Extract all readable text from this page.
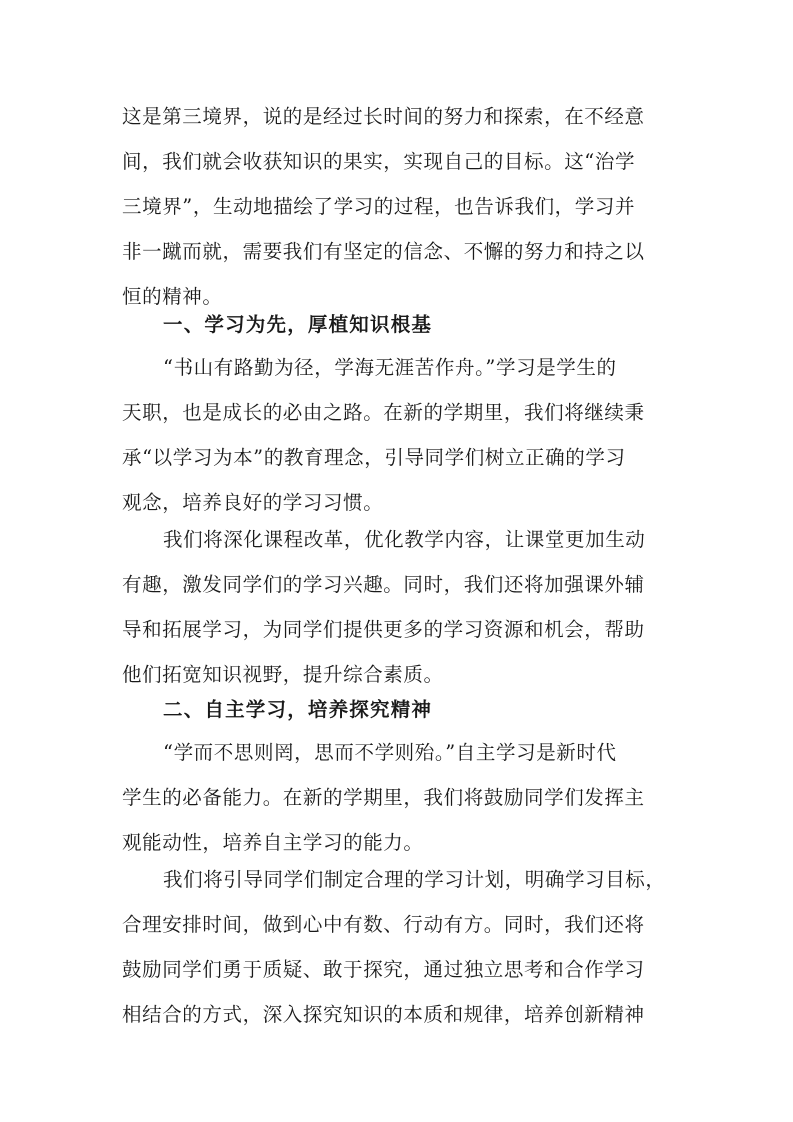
这是第三境界，说的是经过长时间的努力和探索，在不经意
间，我们就会收获知识的果实，实现自己的目标。这“治学
三境界”，生动地描绘了学习的过程，也告诉我们，学习并
非一蹴而就，需要我们有坚定的信念、不懈的努力和持之以
恒的精神。
一、学习为先，厚植知识根基
“书山有路勤为径，学海无涯苦作舟。”学习是学生的
天职，也是成长的必由之路。在新的学期里，我们将继续秉
承“以学习为本”的教育理念，引导同学们树立正确的学习
观念，培养良好的学习习惯。
我们将深化课程改革，优化教学内容，让课堂更加生动
有趣，激发同学们的学习兴趣。同时，我们还将加强课外辅
导和拓展学习，为同学们提供更多的学习资源和机会，帮助
他们拓宽知识视野，提升综合素质。
二、自主学习，培养探究精神
“学而不思则罔，思而不学则殆。”自主学习是新时代
学生的必备能力。在新的学期里，我们将鼓励同学们发挥主
观能动性，培养自主学习的能力。
我们将引导同学们制定合理的学习计划，明确学习目标，
合理安排时间，做到心中有数、行动有方。同时，我们还将
鼓励同学们勇于质疑、敢于探究，通过独立思考和合作学习
相结合的方式，深入探究知识的本质和规律，培养创新精神
